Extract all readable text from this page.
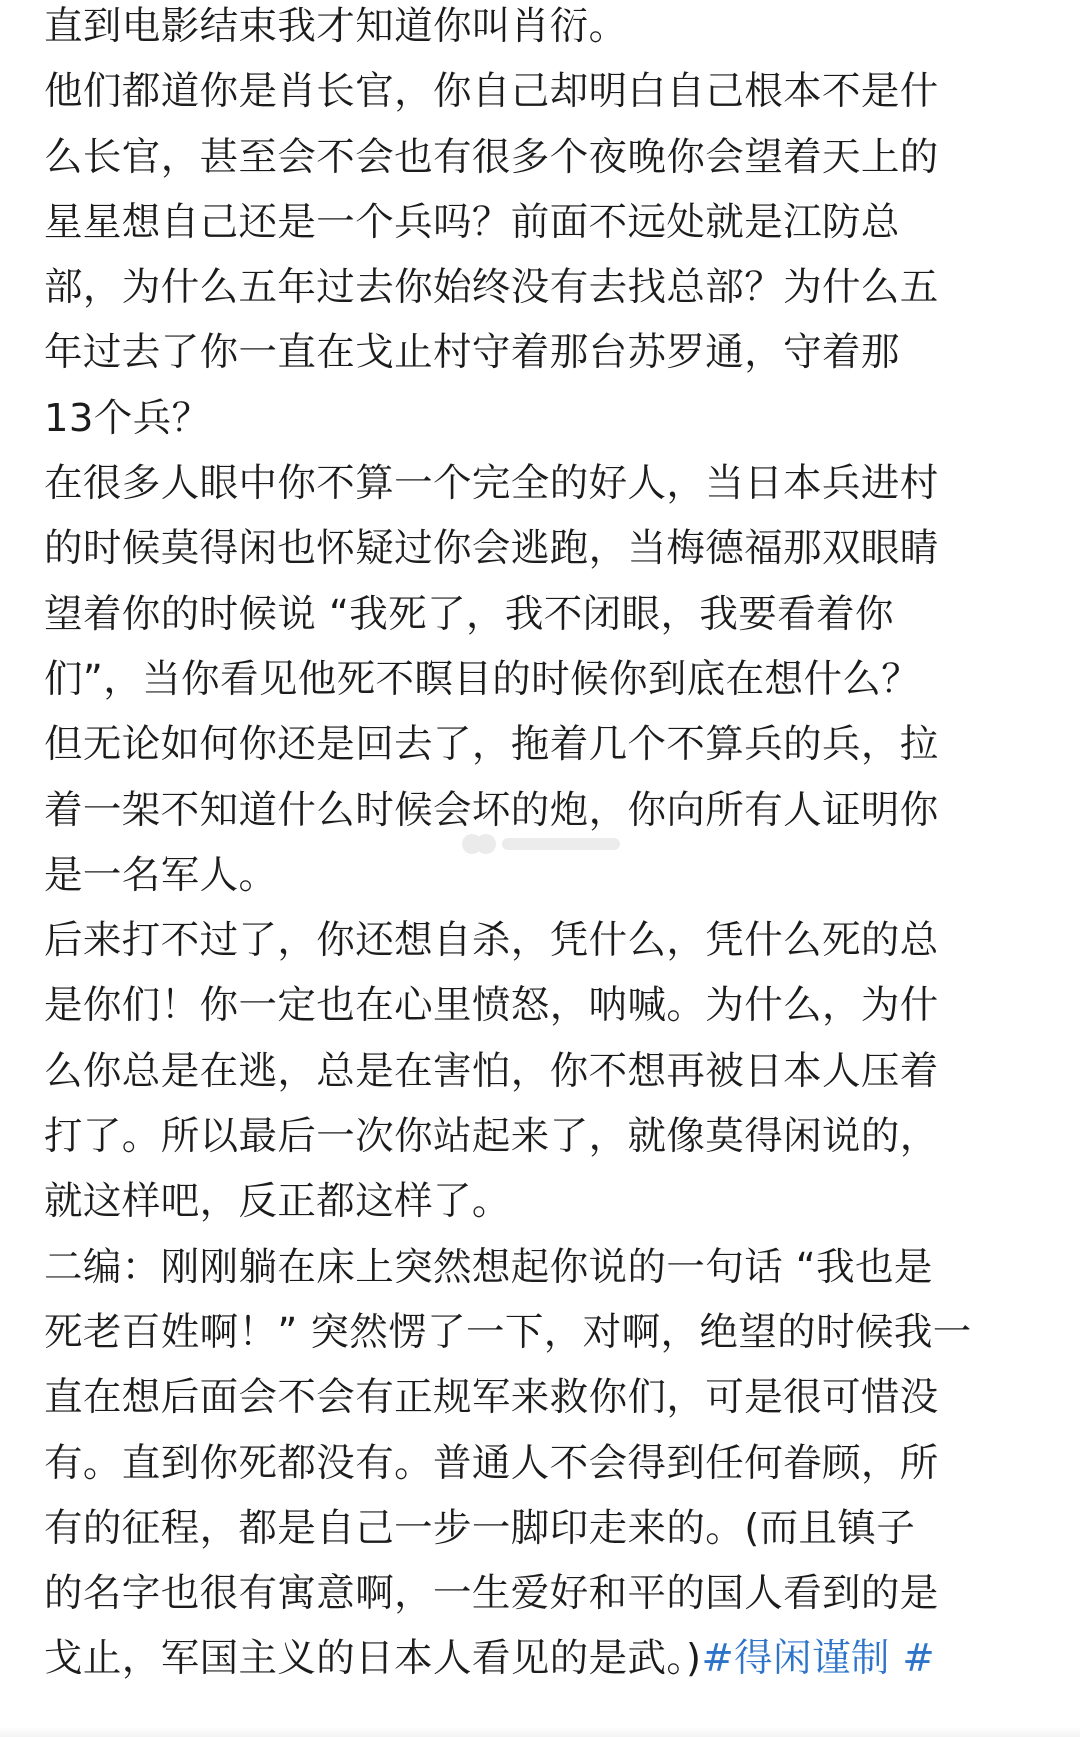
直到电影结束我才知道你叫肖衍。
他们都道你是肖长官，你自己却明白自己根本不是什
么长官，甚至会不会也有很多个夜晚你会望着天上的
星星想自己还是一个兵吗？前面不远处就是江防总
部，为什么五年过去你始终没有去找总部？为什么五
年过去了你一直在戈止村守着那台苏罗通，守着那
13个兵？
在很多人眼中你不算一个完全的好人，当日本兵进村
的时候莫得闲也怀疑过你会逃跑，当梅德福那双眼睛
望着你的时候说 “我死了，我不闭眼，我要看着你
们”，当你看见他死不瞑目的时候你到底在想什么？
但无论如何你还是回去了，拖着几个不算兵的兵，拉
着一架不知道什么时候会坏的炮，你向所有人证明你
是一名军人。
后来打不过了，你还想自杀，凭什么，凭什么死的总
是你们！你一定也在心里愤怒，呐喊。为什么，为什
么你总是在逃，总是在害怕，你不想再被日本人压着
打了。所以最后一次你站起来了，就像莫得闲说的，
就这样吧，反正都这样了。
二编：刚刚躺在床上突然想起你说的一句话 “我也是
死老百姓啊！” 突然愣了一下，对啊，绝望的时候我一
直在想后面会不会有正规军来救你们，可是很可惜没
有。直到你死都没有。普通人不会得到任何眷顾，所
有的征程，都是自己一步一脚印走来的。(而且镇子
的名字也很有寓意啊，一生爱好和平的国人看到的是
戈止，军国主义的日本人看见的是武。)#得闲谨制 #
